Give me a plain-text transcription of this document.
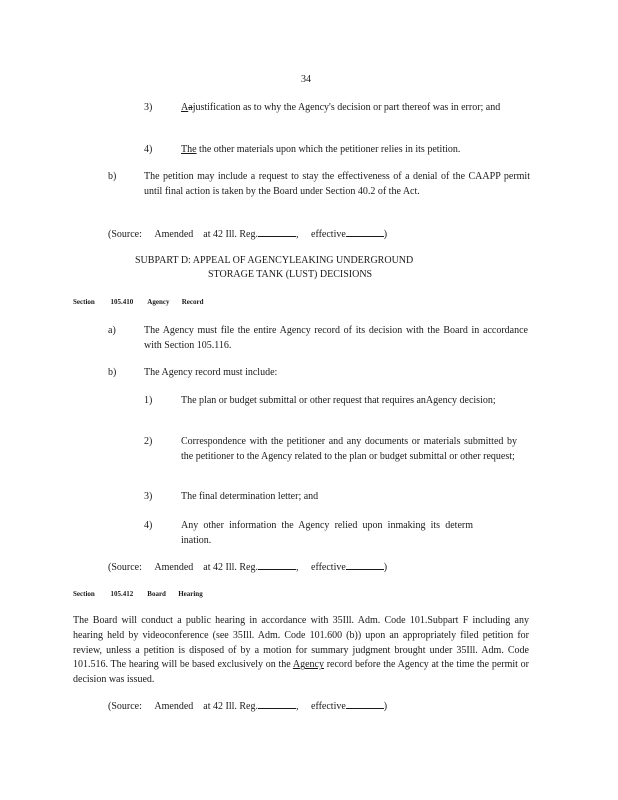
34
3)	Aajustification as to why the Agency's decision or part thereof was in error; and
4)	The the other materials upon which the petitioner relies in its petition.
b)	The petition may include a request to stay the effectiveness of a denial of the CAAPP permit until final action is taken by the Board under Section 40.2 of the Act.
(Source: Amended at 42 Ill. Reg.	, effective	)
SUBPART D: APPEAL OF AGENCYLEAKING UNDERGROUND
STORAGE TANK (LUST) DECISIONS
Section 105.410 Agency Record
a)	The Agency must file the entire Agency record of its decision with the Board in accordance with Section 105.116.
b)	The Agency record must include:
1)	The plan or budget submittal or other request that requires anAgency decision;
2)	Correspondence with the petitioner and any documents or materials submitted by the petitioner to the Agency related to the plan or budget submittal or other request;
3)	The final determination letter; and
4)	Any other information the Agency relied upon inmaking its determ ination.
(Source: Amended at 42 Ill. Reg.	, effective	)
Section 105.412 Board Hearing
The Board will conduct a public hearing in accordance with 35Ill. Adm. Code 101.Subpart F including any hearing held by videoconference (see 35Ill. Adm. Code 101.600 (b)) upon an appropriately filed petition for review, unless a petition is disposed of by a motion for summary judgment brought under 35Ill. Adm. Code 101.516. The hearing will be based exclusively on the Agency record before the Agency at the time the permit or decision was issued.
(Source: Amended at 42 Ill. Reg.	, effective	)
